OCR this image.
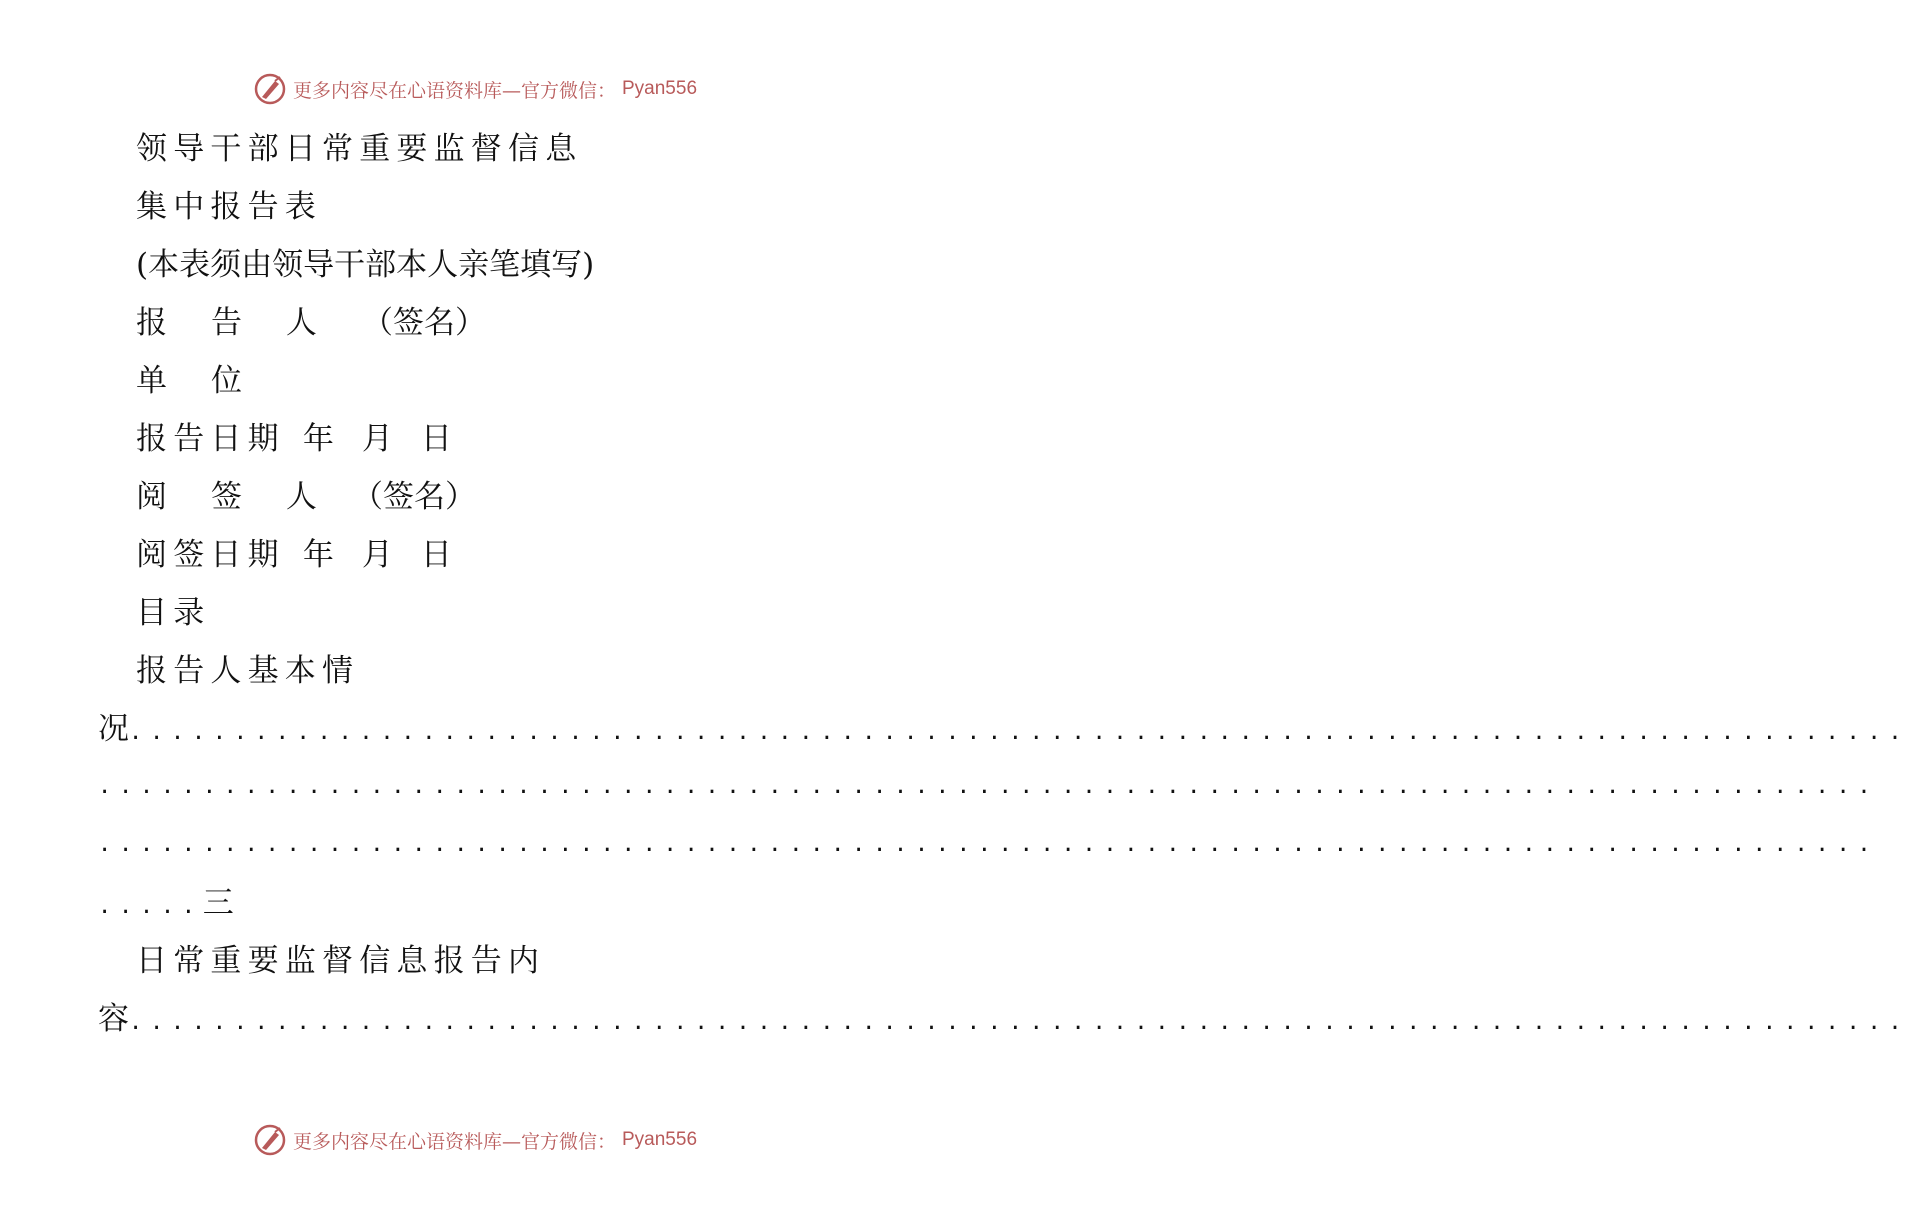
更多内容尽在心语资料库—官方微信： Pyan556
领导干部日常重要监督信息
集中报告表
(本表须由领导干部本人亲笔填写)
报 告 人 （签名）
单 位
报告日期 年 月 日
阅 签 人 （签名）
阅签日期 年 月 日
目录
报告人基本情
况 .....................................................................................
.....................................................................................
.....................................................................................
..... 三
日常重要监督信息报告内
容 .....................................................................................
更多内容尽在心语资料库—官方微信： Pyan556
